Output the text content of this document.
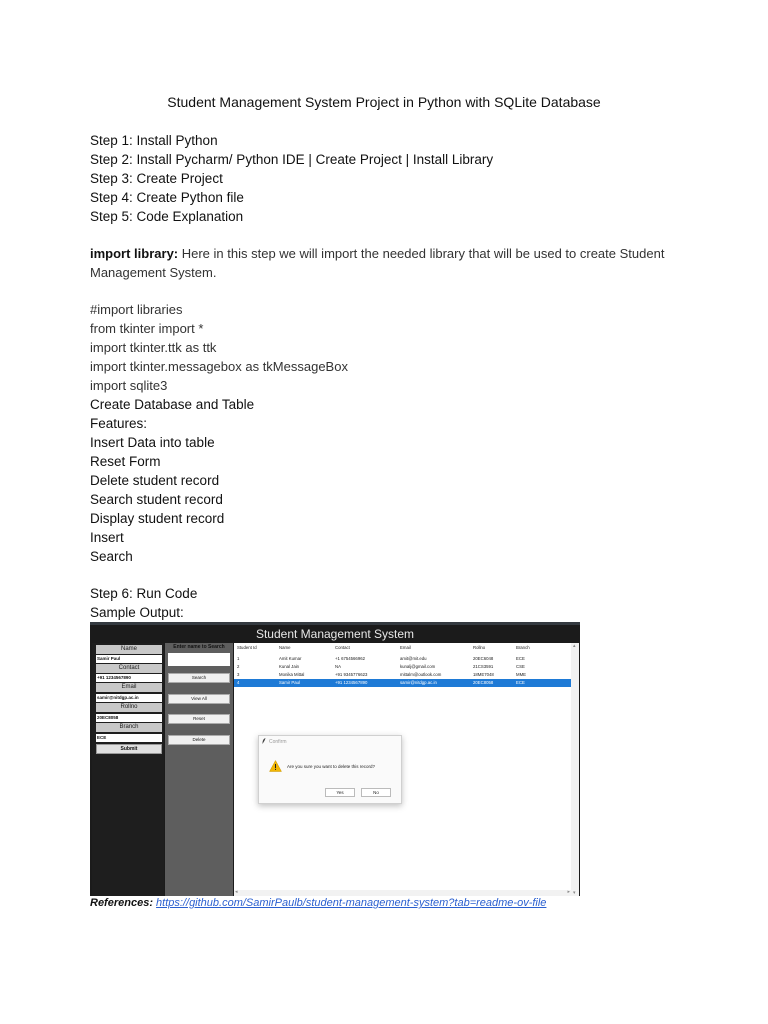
Student Management System Project in Python with SQLite Database
Step 1: Install Python
Step 2: Install Pycharm/ Python IDE | Create Project | Install Library
Step 3: Create Project
Step 4: Create Python file
Step 5: Code Explanation
import library: Here in this step we will import the needed library that will be used to create Student Management System.
#import libraries
from tkinter import *
import tkinter.ttk as ttk
import tkinter.messagebox as tkMessageBox
import sqlite3
Create Database and Table
Features:
Insert Data into table
Reset Form
Delete student record
Search student record
Display student record
Insert
Search
Step 6: Run Code
Sample Output:
Student Management System
Name
Samir Paul
Contact
+91 1234567890
Email
samir@nitdgp.ac.in
Rollno
20EC8058
Branch
ECE
Submit
Enter name to Search
Search
View All
Reset
Delete
Student Id	Name	Contact	Email	Rollno	Branch
1	Amit Kumar	+1 6754566962	amit@mit.edu	20EC6048	ECE
2	Kunal Jain	NA	kunalj@gmail.com	21CS3591	CSE
3	Monika Mittal	+91 9345776623	mittalm@outlook.com	18ME7048	MME
4	Samir Paul	+91 1234567890	samir@nitdgp.ac.in	20EC8058	ECE
▴
▾
◂	▸
Confirm
Are you sure you want to delete this record?
Yes	No
References: https://github.com/SamirPaulb/student-management-system?tab=readme-ov-file
